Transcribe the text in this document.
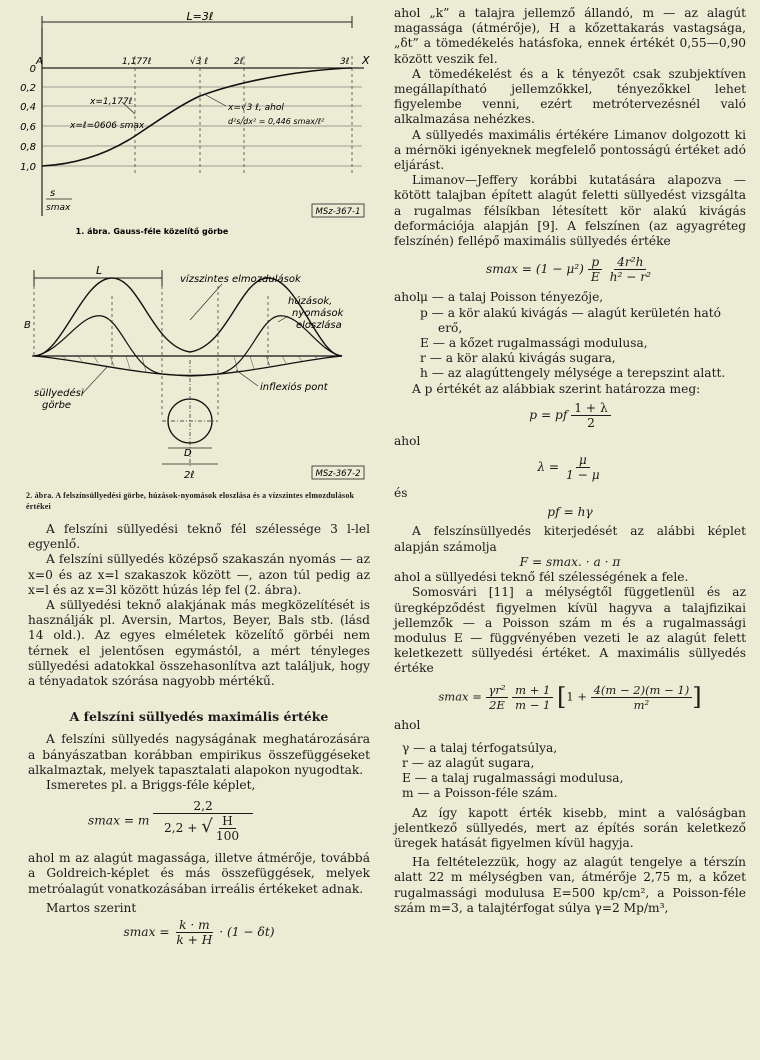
L=3ℓ
A	X
1,177ℓ	√3 ℓ	2ℓ	3ℓ
0
0,2
0,4
0,6
0,8
1,0
x=1,177ℓ
x=ℓ=0606 smax
x=√3 ℓ, ahol
d²s/dx² = 0,446 smax/ℓ²
s
smax	MSz-367-1
1. ábra. Gauss-féle közelítő görbe
L
B
vízszintes elmozdulások
húzások,
nyomások
eloszlása
süllyedési
görbe
inflexiós pont
D
2ℓ	MSz-367-2
2. ábra. A felszínsüllyedési görbe, húzások-nyomások eloszlása és a vízszintes elmozdulások értékei

A felszíni süllyedési teknő fél szélessége 3 l-lel egyenlő.

A felszíni süllyedés középső szakaszán nyomás — az x=0 és az x=l szakaszok között —, azon túl pedig az x=l és az x=3l között húzás lép fel (2. ábra).

A süllyedési teknő alakjának más megközelítését is használják pl. Aversin, Martos, Beyer, Bals stb. (lásd 14 old.). Az egyes elméletek közelítő görbéi nem térnek el jelentősen egymástól, a mért tényleges süllyedési adatokkal összehasonlítva azt találjuk, hogy a tényadatok szórása nagyobb mértékű.

A felszíni süllyedés maximális értéke

A felszíni süllyedés nagyságának meghatározására a bányászatban korábban empirikus összefüggéseket alkalmaztak, melyek tapasztalati alapokon nyugodtak.

Ismeretes pl. a Briggs-féle képlet,

smax = m $\frac{2,2}{2,2 + √ \frac{H}{100}}$

ahol m az alagút magassága, illetve átmérője, továbbá a Goldreich-képlet és más összefüggések, melyek metróalagút vonatkozásában irreális értékeket adnak.

Martos szerint

$smax = \frac{k \cdot m}{k + H} \cdot (1 - \delta t)$

ahol „k” a talajra jellemző állandó, m — az alagút magassága (átmérője), H a kőzettakarás vastagsága, „δt” a tömedékelés hatásfoka, ennek értékét 0,55—0,90 között veszik fel.

A tömedékelést és a k tényezőt csak szubjektíven megállapítható jellemzőkkel, tényezőkkel lehet figyelembe venni, ezért metrótervezésnél való alkalmazása nehézkes.

A süllyedés maximális értékére Limanov dolgozott ki a mérnöki igényeknek megfelelő pontosságú értéket adó eljárást.

Limanov—Jeffery korábbi kutatására alapozva — kötött talajban épített alagút feletti süllyedést vizsgálta a rugalmas félsíkban létesített kör alakú kivágás deformációja alapján [9]. A felszínen (az agyagréteg felszínén) fellépő maximális süllyedés értéke

$smax = (1 - \mu^2) \frac{p}{E}$
$\frac{\text{4r²h}}{\text{h² − r²}}$

ahol μ — a talaj Poisson tényezője,
p — a kör alakú kivágás — alagút kerületén ható erő,
E — a kőzet rugalmassági modulusa,
r — a kör alakú kivágás sugara,
h — az alagúttengely mélysége a terepszint alatt.

A p értékét az alábbiak szerint határozza meg:

p = pf $\frac{1 + \lambda}{2}$

ahol

$\lambda = \frac{\mu}{1 - \mu}$

és

pf = hγ

A felszínsüllyedés kiterjedését az alábbi képlet alapján számolja

F = smax. · a · π

ahol a süllyedési teknő fél szélességének a fele.

Somosvári [11] a mélységtől függetlenül és az üregképződést figyelmen kívül hagyva a talajfizikai jellemzők — a Poisson szám m és a rugalmassági modulus E — függvényében vezeti le az alagút felett keletkezett süllyedési értéket. A maximális süllyedés értéke

$smax = \frac{\text{γr²}}{2E}$
$\frac{m + 1}{m - 1} [1 + \frac{4(m - 2)(m - 1)}{\text{m²}}$ ]

ahol

γ — a talaj térfogatsúlya,
r — az alagút sugara,
E — a talaj rugalmassági modulusa,
m — a Poisson-féle szám.

Az így kapott érték kisebb, mint a valóságban jelentkező süllyedés, mert az építés során keletkező üregek hatását figyelmen kívül hagyja.

Ha feltételezzük, hogy az alagút tengelye a térszín alatt 22 m mélységben van, átmérője 2,75 m, a kőzet rugalmassági modulusa E=500 kp/cm², a Poisson-féle szám m=3, a talajtérfogat súlya γ=2 Mp/m³,
